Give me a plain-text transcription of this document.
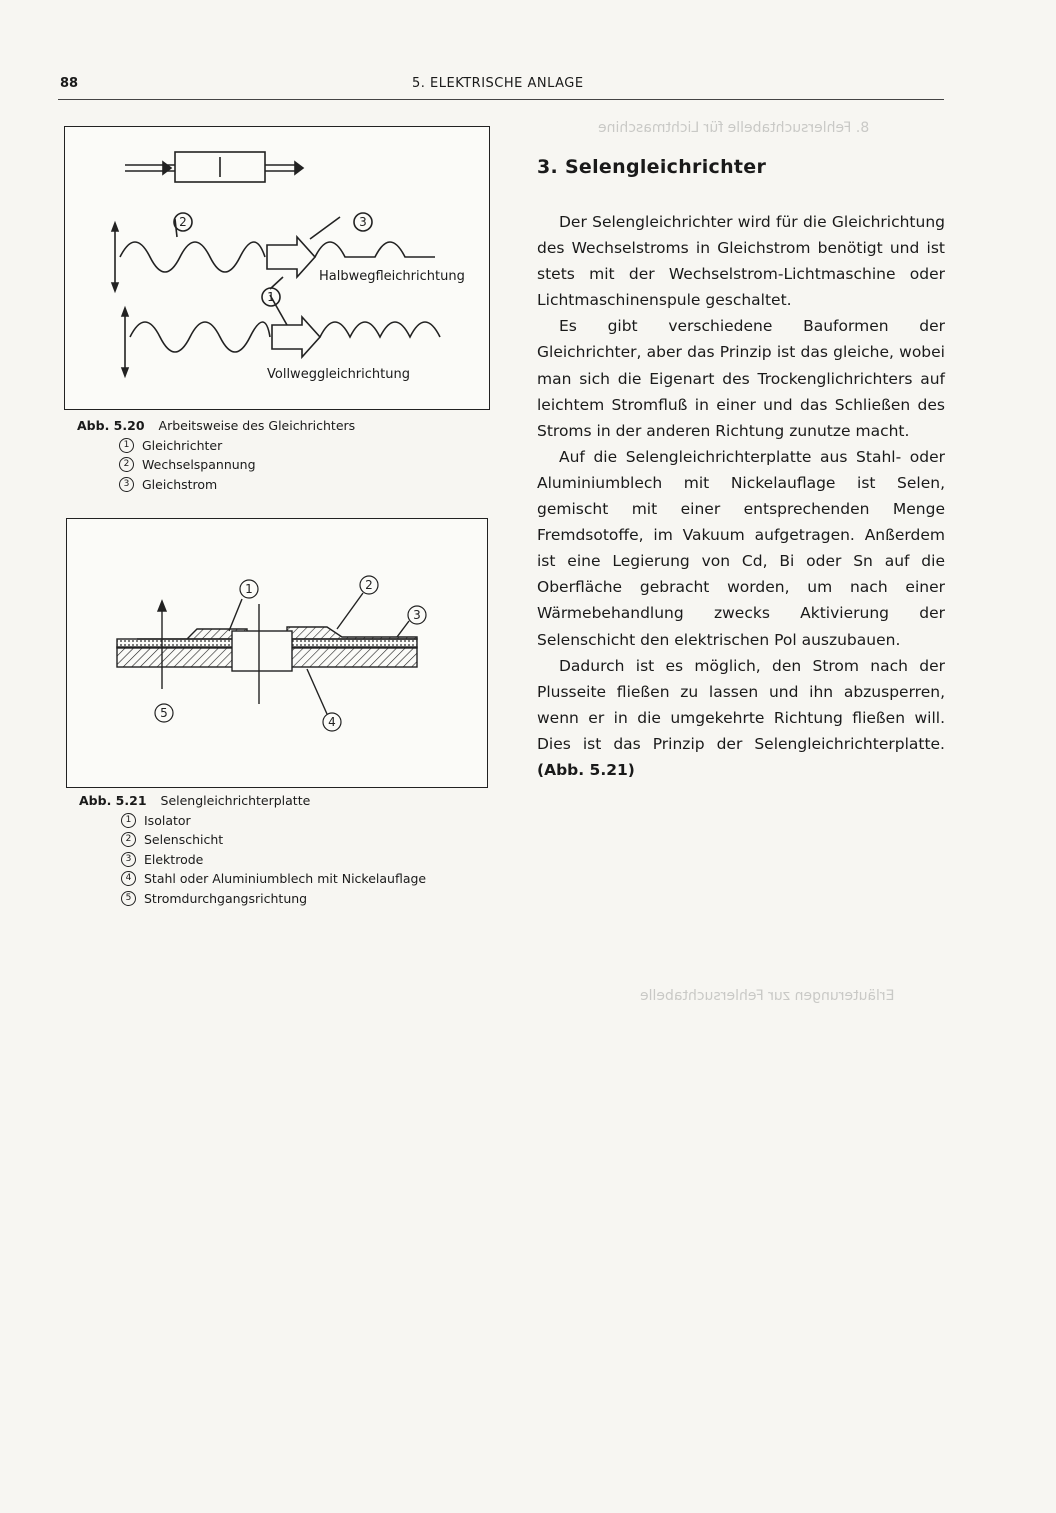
8. Fehlersuchtabelle für Lichtmaschine
Erläuterungen zur Fehlersuchtabelle
88	5. ELEKTRISCHE ANLAGE
2	3
1
Halbwegfleichrichtung
Vollweggleichrichtung
Abb. 5.20 Arbeitsweise des Gleichrichters
1	Gleichrichter
2	Wechselspannung
3	Gleichstrom
1	2
3
4
5
Abb. 5.21 Selengleichrichterplatte
1	Isolator
2	Selenschicht
3	Elektrode
4	Stahl oder Aluminiumblech mit Nickelauflage
5	Stromdurchgangsrichtung
3. Selengleichrichter

Der Selengleichrichter wird für die Gleichrichtung des Wechselstroms in Gleichstrom benötigt und ist stets mit der Wechselstrom-Lichtmaschine oder Lichtmaschinenspule geschaltet.

Es gibt verschiedene Bauformen der Gleichrichter, aber das Prinzip ist das gleiche, wobei man sich die Eigenart des Trockenglichrichters auf leichtem Stromfluß in einer und das Schließen des Stroms in der anderen Richtung zunutze macht.

Auf die Selengleichrichterplatte aus Stahl- oder Aluminiumblech mit Nickelauflage ist Selen, gemischt mit einer entsprechenden Menge Fremdsotoffe, im Vakuum aufgetragen. Anßerdem ist eine Legierung von Cd, Bi oder Sn auf die Oberfläche gebracht worden, um nach einer Wärmebehandlung zwecks Aktivierung der Selenschicht den elektrischen Pol auszubauen.

Dadurch ist es möglich, den Strom nach der Plusseite fließen zu lassen und ihn abzusperren, wenn er in die umgekehrte Richtung fließen will. Dies ist das Prinzip der Selengleichrichterplatte. (Abb. 5.21)
